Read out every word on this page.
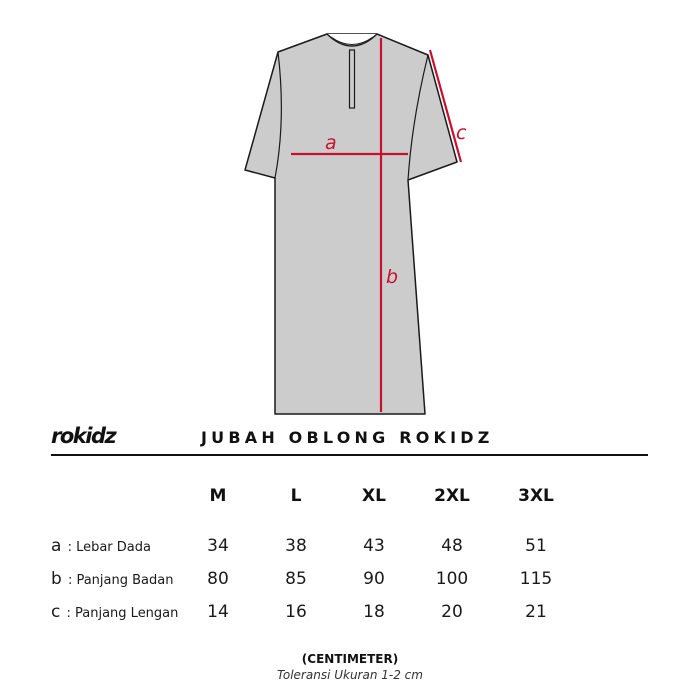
a
b
c
rokidz	JUBAH OBLONG ROKIDZ
M	L	XL	2XL	3XL
a : Lebar Dada	34	38	43	48	51
b : Panjang Badan	80	85	90	100	115
c : Panjang Lengan	14	16	18	20	21
(CENTIMETER)
Toleransi Ukuran 1-2 cm
